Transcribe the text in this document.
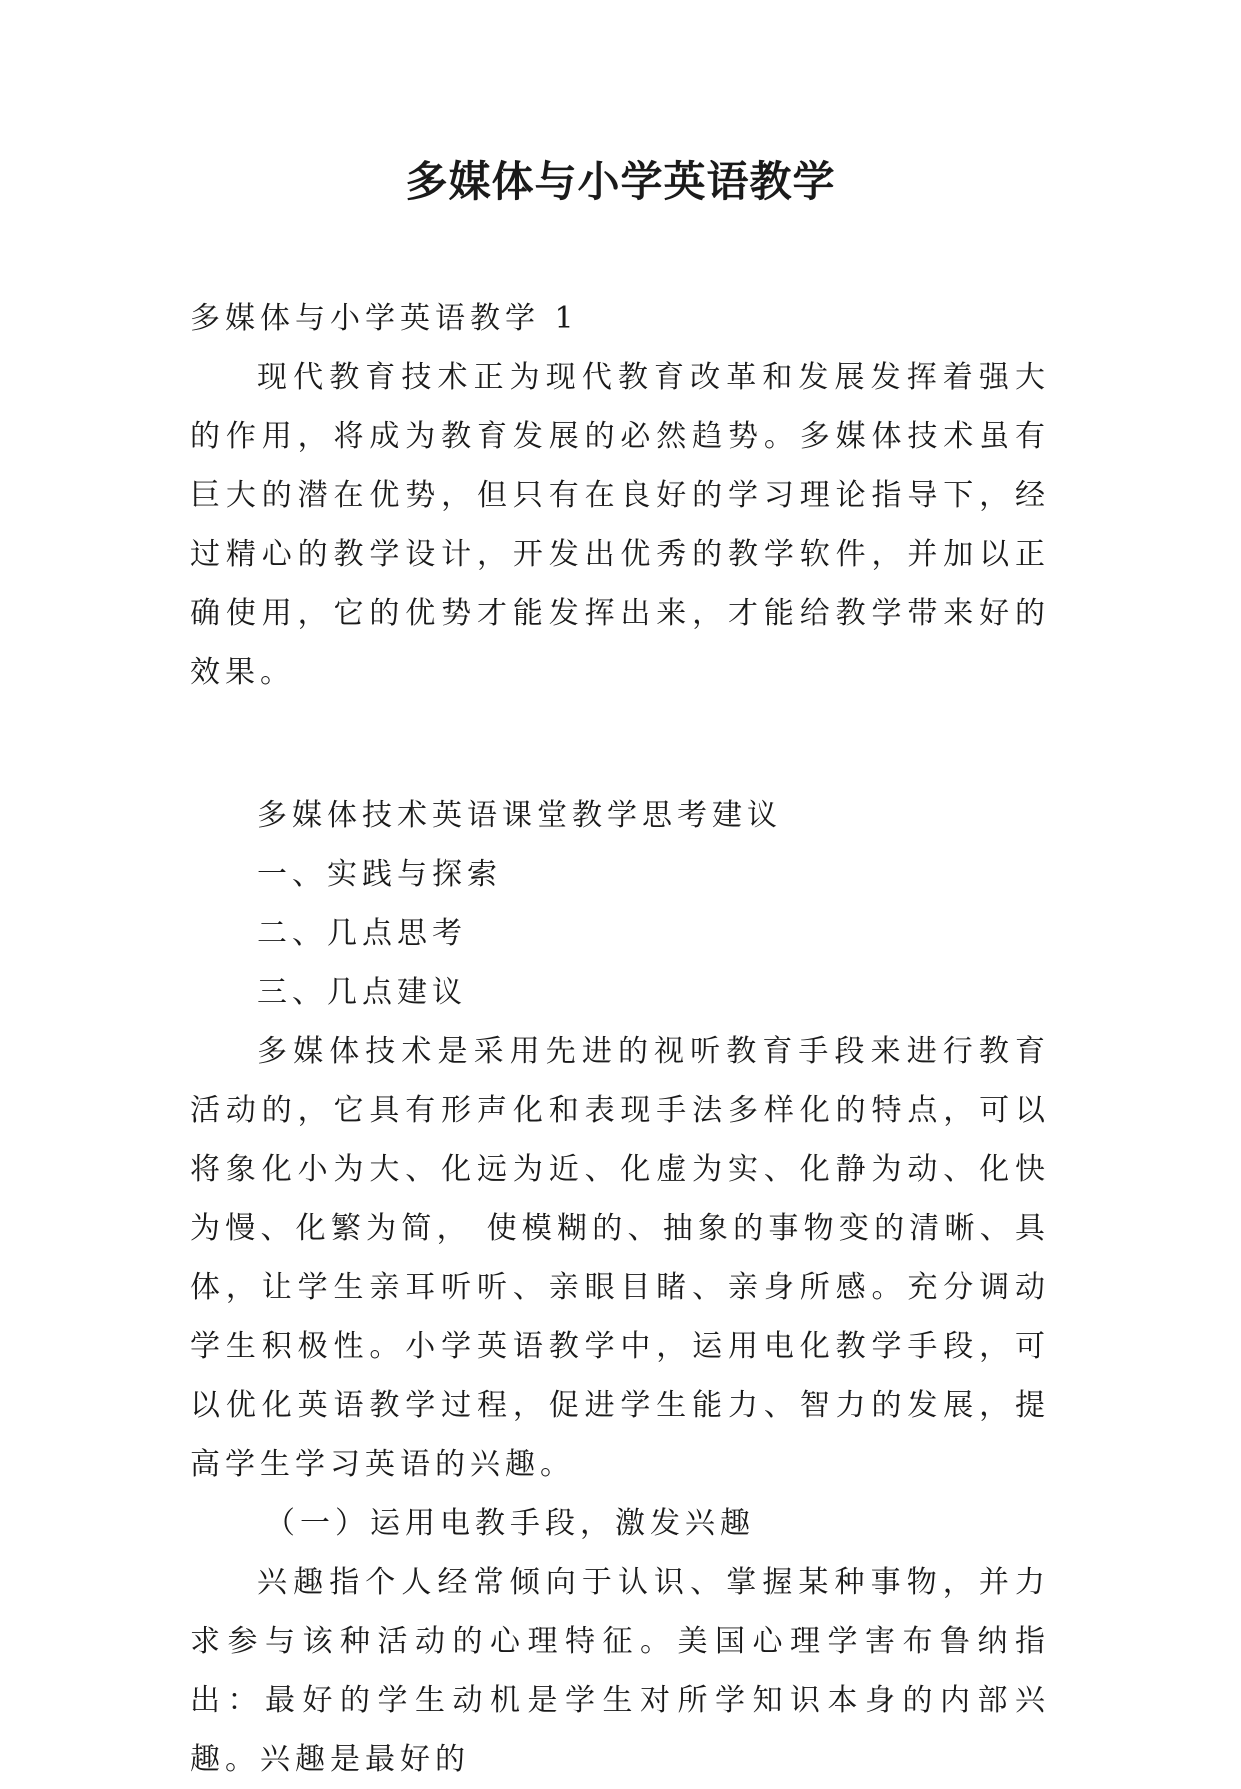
多媒体与小学英语教学

多媒体与小学英语教学 1

现代教育技术正为现代教育改革和发展发挥着强大的作用，将成为教育发展的必然趋势。多媒体技术虽有巨大的潜在优势，但只有在良好的学习理论指导下，经过精心的教学设计，开发出优秀的教学软件，并加以正确使用，它的优势才能发挥出来，才能给教学带来好的效果。

多媒体技术英语课堂教学思考建议

一、实践与探索

二、几点思考

三、几点建议

多媒体技术是采用先进的视听教育手段来进行教育活动的，它具有形声化和表现手法多样化的特点，可以将象化小为大、化远为近、化虚为实、化静为动、化快为慢、化繁为简， 使模糊的、抽象的事物变的清晰、具体，让学生亲耳听听、亲眼目睹、亲身所感。充分调动学生积极性。小学英语教学中，运用电化教学手段，可以优化英语教学过程，促进学生能力、智力的发展，提高学生学习英语的兴趣。

（一）运用电教手段，激发兴趣

兴趣指个人经常倾向于认识、掌握某种事物，并力求参与该种活动的心理特征。美国心理学害布鲁纳指出：最好的学生动机是学生对所学知识本身的内部兴趣。兴趣是最好的
